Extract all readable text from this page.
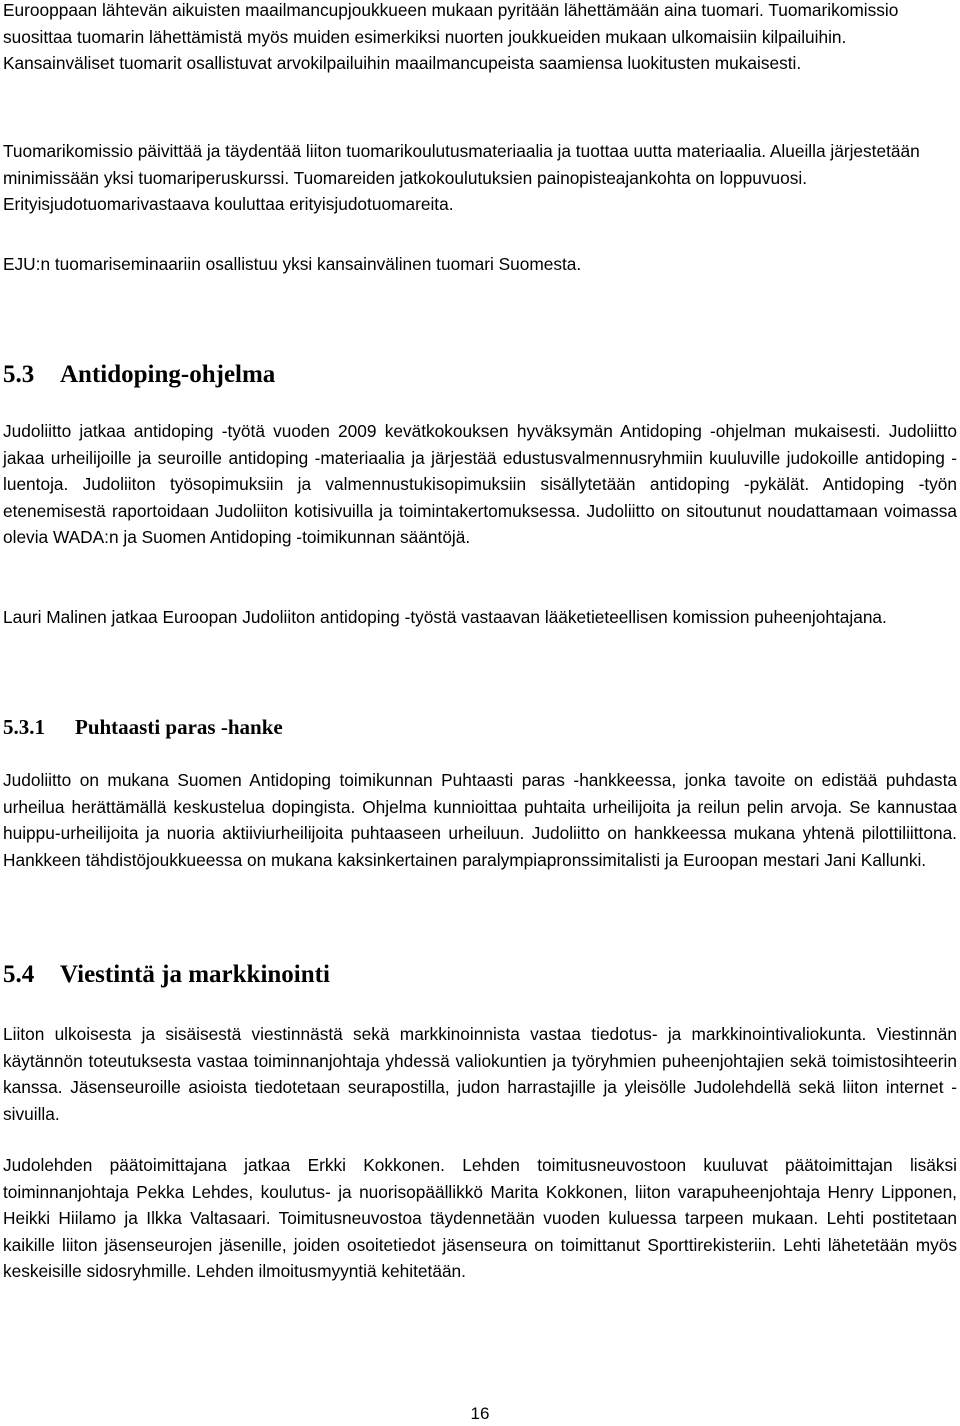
Eurooppaan lähtevän aikuisten maailmancupjoukkueen mukaan pyritään lähettämään aina tuomari. Tuomarikomissio suosittaa tuomarin lähettämistä myös muiden esimerkiksi nuorten joukkueiden mukaan ulkomaisiin kilpailuihin. Kansainväliset tuomarit osallistuvat arvokilpailuihin maailmancupeista saamiensa luokitusten mukaisesti.

Tuomarikomissio päivittää ja täydentää liiton tuomarikoulutusmateriaalia ja tuottaa uutta materiaalia. Alueilla järjestetään minimissään yksi tuomariperuskurssi. Tuomareiden jatkokoulutuksien painopisteajankohta on loppuvuosi. Erityisjudotuomarivastaava kouluttaa erityisjudotuomareita.

EJU:n tuomariseminaariin osallistuu yksi kansainvälinen tuomari Suomesta.

5.3 Antidoping-ohjelma

Judoliitto jatkaa antidoping -työtä vuoden 2009 kevätkokouksen hyväksymän Antidoping -ohjelman mukaisesti. Judoliitto jakaa urheilijoille ja seuroille antidoping -materiaalia ja järjestää edustusvalmennusryhmiin kuuluville judokoille antidoping -luentoja. Judoliiton työsopimuksiin ja valmennustukisopimuksiin sisällytetään antidoping -pykälät. Antidoping -työn etenemisestä raportoidaan Judoliiton kotisivuilla ja toimintakertomuksessa. Judoliitto on sitoutunut noudattamaan voimassa olevia WADA:n ja Suomen Antidoping -toimikunnan sääntöjä.

Lauri Malinen jatkaa Euroopan Judoliiton antidoping -työstä vastaavan lääketieteellisen komission puheenjohtajana.

5.3.1 Puhtaasti paras -hanke

Judoliitto on mukana Suomen Antidoping toimikunnan Puhtaasti paras -hankkeessa, jonka tavoite on edistää puhdasta urheilua herättämällä keskustelua dopingista. Ohjelma kunnioittaa puhtaita urheilijoita ja reilun pelin arvoja. Se kannustaa huippu-urheilijoita ja nuoria aktiiviurheilijoita puhtaaseen urheiluun. Judoliitto on hankkeessa mukana yhtenä pilottiliittona. Hankkeen tähdistöjoukkueessa on mukana kaksinkertainen paralympiapronssimitalisti ja Euroopan mestari Jani Kallunki.

5.4 Viestintä ja markkinointi

Liiton ulkoisesta ja sisäisestä viestinnästä sekä markkinoinnista vastaa tiedotus- ja markkinointivaliokunta. Viestinnän käytännön toteutuksesta vastaa toiminnanjohtaja yhdessä valiokuntien ja työryhmien puheenjohtajien sekä toimistosihteerin kanssa. Jäsenseuroille asioista tiedotetaan seurapostilla, judon harrastajille ja yleisölle Judolehdellä sekä liiton internet -sivuilla.

Judolehden päätoimittajana jatkaa Erkki Kokkonen. Lehden toimitusneuvostoon kuuluvat päätoimittajan lisäksi toiminnanjohtaja Pekka Lehdes, koulutus- ja nuorisopäällikkö Marita Kokkonen, liiton varapuheenjohtaja Henry Lipponen, Heikki Hiilamo ja Ilkka Valtasaari. Toimitusneuvostoa täydennetään vuoden kuluessa tarpeen mukaan. Lehti postitetaan kaikille liiton jäsenseurojen jäsenille, joiden osoitetiedot jäsenseura on toimittanut Sporttirekisteriin. Lehti lähetetään myös keskeisille sidosryhmille. Lehden ilmoitusmyyntiä kehitetään.

16
